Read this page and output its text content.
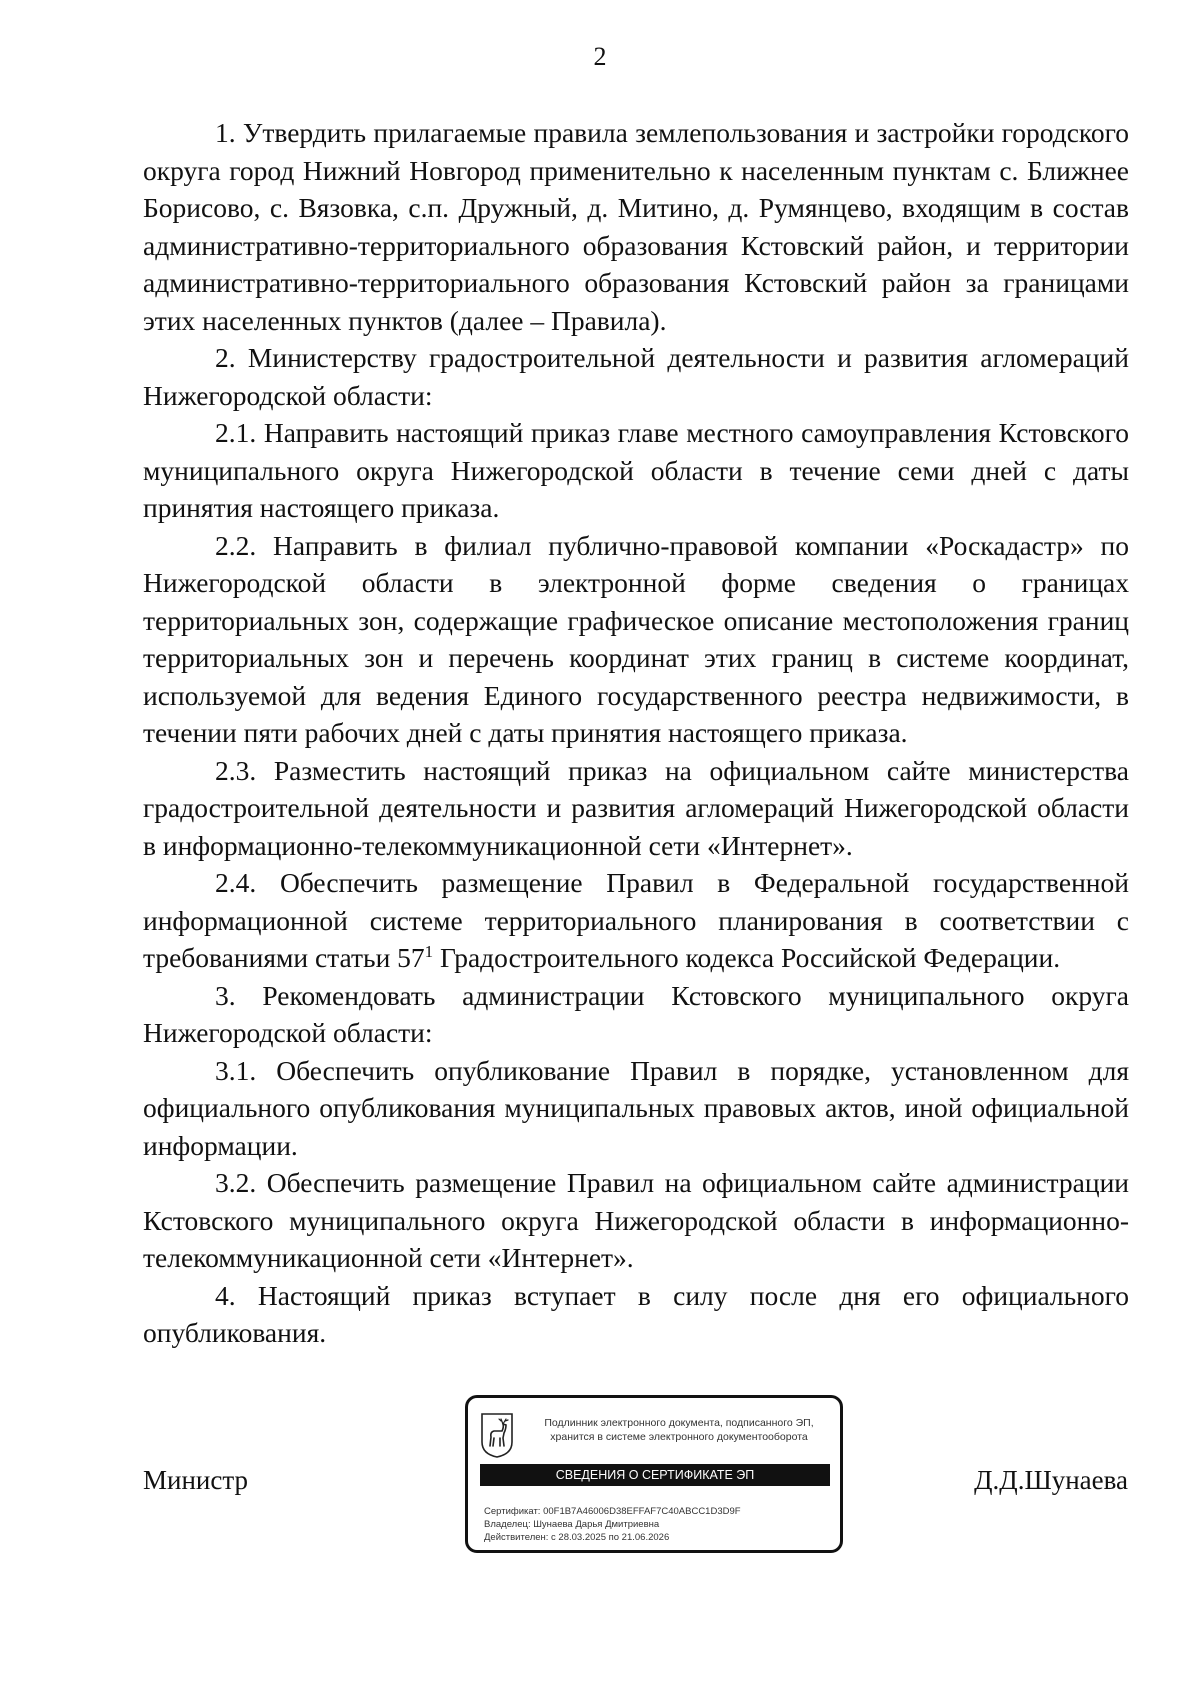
2

1. Утвердить прилагаемые правила землепользования и застройки городского округа город Нижний Новгород применительно к населенным пунктам с. Ближнее Борисово, с. Вязовка, с.п. Дружный, д. Митино, д. Румянцево, входящим в состав административно-территориального образования Кстовский район, и территории административно-территориального образования Кстовский район за границами этих населенных пунктов (далее – Правила).

2. Министерству градостроительной деятельности и развития агломераций Нижегородской области:

2.1. Направить настоящий приказ главе местного самоуправления Кстовского муниципального округа Нижегородской области в течение семи дней с даты принятия настоящего приказа.

2.2. Направить в филиал публично-правовой компании «Роскадастр» по Нижегородской области в электронной форме сведения о границах территориальных зон, содержащие графическое описание местоположения границ территориальных зон и перечень координат этих границ в системе координат, используемой для ведения Единого государственного реестра недвижимости, в течении пяти рабочих дней с даты принятия настоящего приказа.

2.3. Разместить настоящий приказ на официальном сайте министерства градостроительной деятельности и развития агломераций Нижегородской области в информационно-телекоммуникационной сети «Интернет».

2.4. Обеспечить размещение Правил в Федеральной государственной информационной системе территориального планирования в соответствии с требованиями статьи $57^1$ Градостроительного кодекса Российской Федерации.

3. Рекомендовать администрации Кстовского муниципального округа Нижегородской области:

3.1. Обеспечить опубликование Правил в порядке, установленном для официального опубликования муниципальных правовых актов, иной официальной информации.

3.2. Обеспечить размещение Правил на официальном сайте администрации Кстовского муниципального округа Нижегородской области в информационно-телекоммуникационной сети «Интернет».

4. Настоящий приказ вступает в силу после дня его официального опубликования.

Министр	Д.Д.Шунаева
Подлинник электронного документа, подписанного ЭП,
хранится в системе электронного документооборота
СВЕДЕНИЯ О СЕРТИФИКАТЕ ЭП
Сертификат: 00F1B7A46006D38EFFAF7C40ABCC1D3D9F
Владелец: Шунаева Дарья Дмитриевна
Действителен: с 28.03.2025 по 21.06.2026
